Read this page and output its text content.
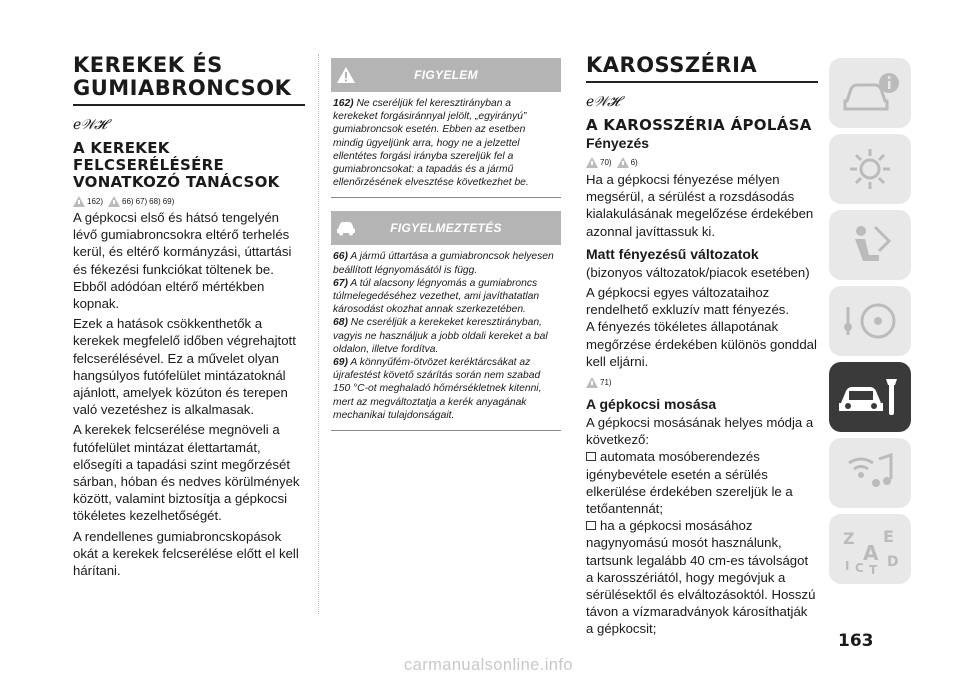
KEREKEK ÉS GUMIABRONCSOK
ℯ𝒲𝓗
A KEREKEK FELCSERÉLÉSÉRE VONATKOZÓ TANÁCSOK
162) 66) 67) 68) 69)

A gépkocsi első és hátsó tengelyén lévő gumiabroncsokra eltérő terhelés kerül, és eltérő kormányzási, úttartási és fékezési funkciókat töltenek be. Ebből adódóan eltérő mértékben kopnak.

Ezek a hatások csökkenthetők a kerekek megfelelő időben végrehajtott felcserélésével. Ez a művelet olyan hangsúlyos futófelület mintázatoknál ajánlott, amelyek közúton és terepen való vezetéshez is alkalmasak.

A kerekek felcserélése megnöveli a futófelület mintázat élettartamát, elősegíti a tapadási szint megőrzését sárban, hóban és nedves körülmények között, valamint biztosítja a gépkocsi tökéletes kezelhetőségét.

A rendellenes gumiabroncskopások okát a kerekek felcserélése előtt el kell hárítani.

FIGYELEM
162) Ne cseréljük fel keresztirányban a kerekeket forgásiránnyal jelölt, „egyirányú” gumiabroncsok esetén. Ebben az esetben mindig ügyeljünk arra, hogy ne a jelzettel ellentétes forgási irányba szereljük fel a gumiabroncsokat: a tapadás és a jármű ellenőrzésének elvesztése következhet be.
FIGYELMEZTETÉS
66) A jármű úttartása a gumiabroncsok helyesen beállított légnyomásától is függ.
67) A túl alacsony légnyomás a gumiabroncs túlmelegedéséhez vezethet, ami javíthatatlan károsodást okozhat annak szerkezetében.
68) Ne cseréljük a kerekeket keresztirányban, vagyis ne használjuk a jobb oldali kereket a bal oldalon, illetve fordítva.
69) A könnyűfém-ötvözet keréktárcsákat az újrafestést követő szárítás során nem szabad 150 °C-ot meghaladó hőmérsékletnek kitenni, mert az megváltoztatja a kerék anyagának mechanikai tulajdonságait.
KAROSSZÉRIA
ℯ𝒲𝓗
A KAROSSZÉRIA ÁPOLÁSA
Fényezés
70) 6)

Ha a gépkocsi fényezése mélyen megsérül, a sérülést a rozsdásodás kialakulásának megelőzése érdekében azonnal javíttassuk ki.

Matt fényezésű változatok

(bizonyos változatok/piacok esetében)

A gépkocsi egyes változataihoz rendelhető exkluzív matt fényezés.

A fényezés tökéletes állapotának megőrzése érdekében különös gonddal kell eljárni.

71)
A gépkocsi mosása

A gépkocsi mosásának helyes módja a következő:

automata mosóberendezés igénybevétele esetén a sérülés elkerülése érdekében szereljük le a tetőantennát;

ha a gépkocsi mosásához nagynyomású mosót használunk, tartsunk legalább 40 cm-es távolságot a karosszériától, hogy megóvjuk a sérülésektől és elváltozásoktól. Hosszú távon a vízmaradványok károsíthatják a gépkocsit;

Z E
A D
I C T
163
carmanualsonline.info
